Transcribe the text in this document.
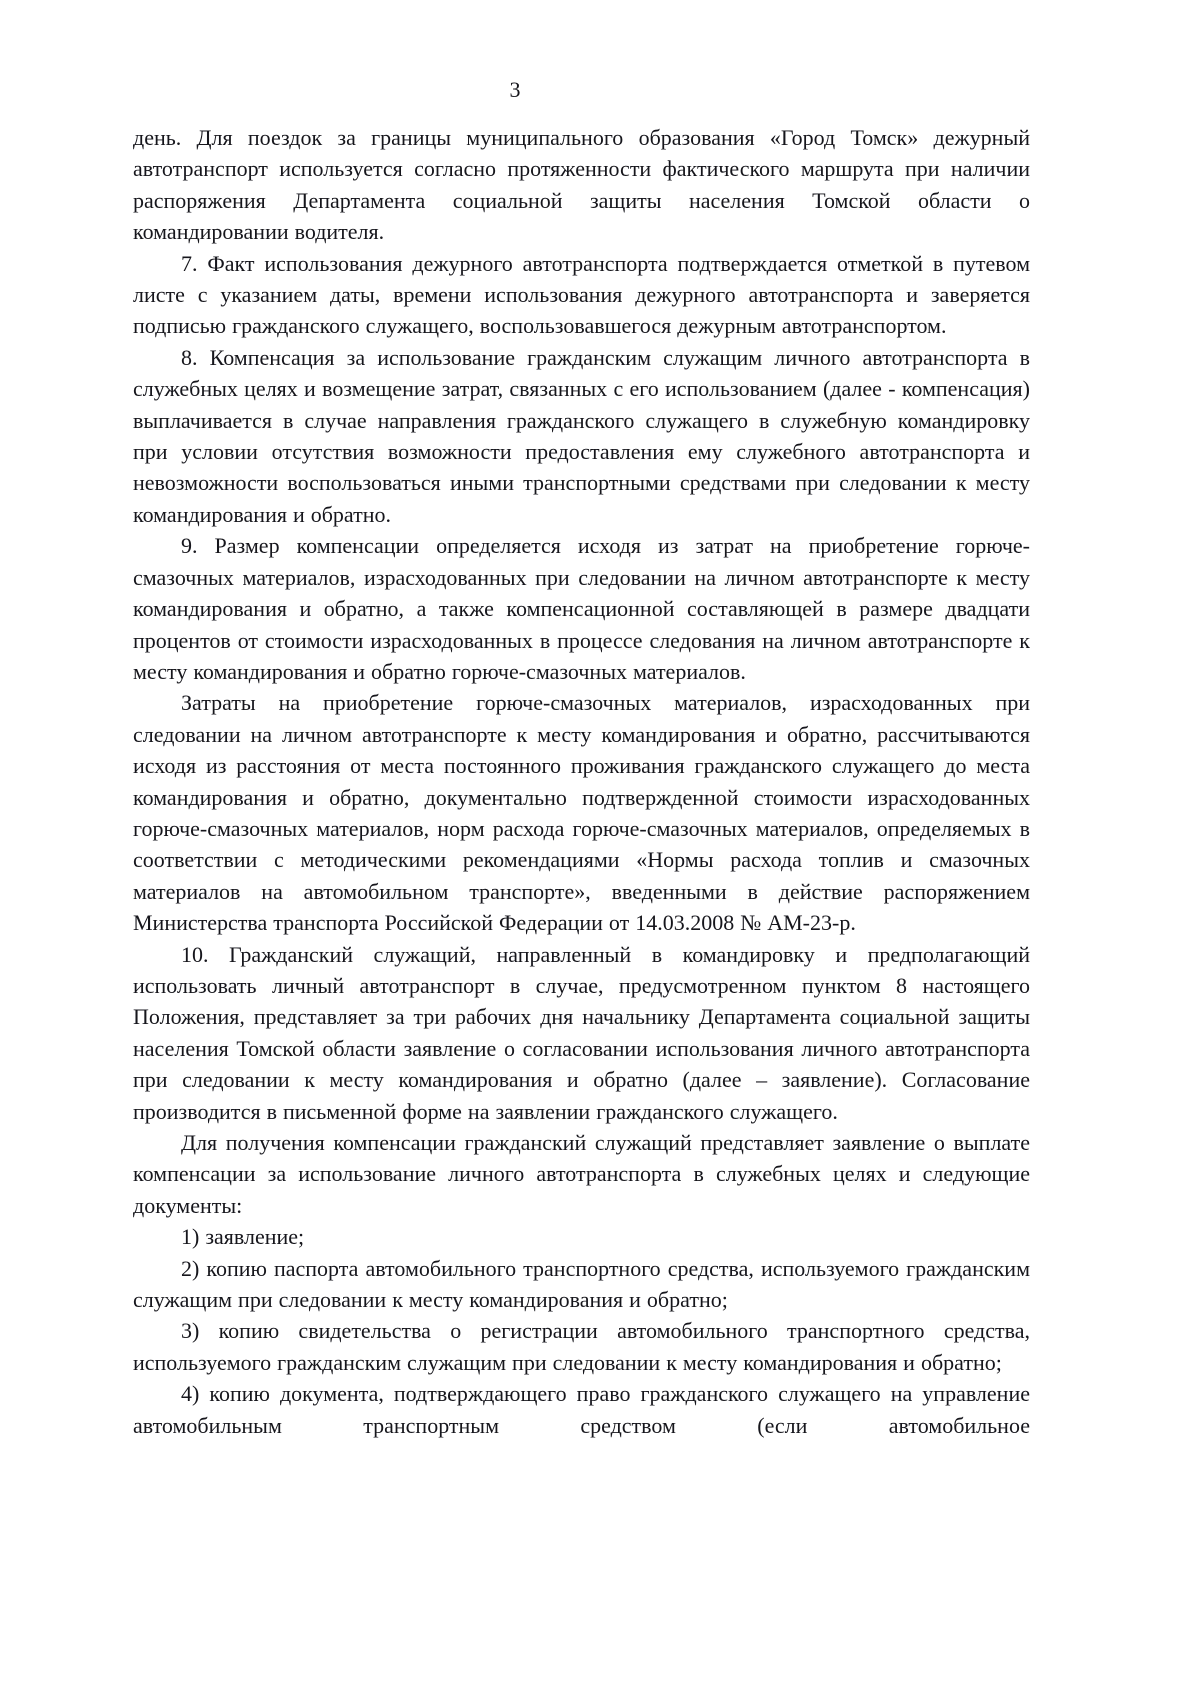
3

день. Для поездок за границы муниципального образования «Город Томск» дежурный автотранспорт используется согласно протяженности фактического маршрута при наличии распоряжения Департамента социальной защиты населения Томской области о командировании водителя.

7. Факт использования дежурного автотранспорта подтверждается отметкой в путевом листе с указанием даты, времени использования дежурного автотранспорта и заверяется подписью гражданского служащего, воспользовавшегося дежурным автотранспортом.

8. Компенсация за использование гражданским служащим личного автотранспорта в служебных целях и возмещение затрат, связанных с его использованием (далее - компенсация) выплачивается в случае направления гражданского служащего в служебную командировку при условии отсутствия возможности предоставления ему служебного автотранспорта и невозможности воспользоваться иными транспортными средствами при следовании к месту командирования и обратно.

9. Размер компенсации определяется исходя из затрат на приобретение горюче-смазочных материалов, израсходованных при следовании на личном автотранспорте к месту командирования и обратно, а также компенсационной составляющей в размере двадцати процентов от стоимости израсходованных в процессе следования на личном автотранспорте к месту командирования и обратно горюче-смазочных материалов.

Затраты на приобретение горюче-смазочных материалов, израсходованных при следовании на личном автотранспорте к месту командирования и обратно, рассчитываются исходя из расстояния от места постоянного проживания гражданского служащего до места командирования и обратно, документально подтвержденной стоимости израсходованных горюче-смазочных материалов, норм расхода горюче-смазочных материалов, определяемых в соответствии с методическими рекомендациями «Нормы расхода топлив и смазочных материалов на автомобильном транспорте», введенными в действие распоряжением Министерства транспорта Российской Федерации от 14.03.2008 № АМ-23-р.

10. Гражданский служащий, направленный в командировку и предполагающий использовать личный автотранспорт в случае, предусмотренном пунктом 8 настоящего Положения, представляет за три рабочих дня начальнику Департамента социальной защиты населения Томской области заявление о согласовании использования личного автотранспорта при следовании к месту командирования и обратно (далее – заявление). Согласование производится в письменной форме на заявлении гражданского служащего.

Для получения компенсации гражданский служащий представляет заявление о выплате компенсации за использование личного автотранспорта в служебных целях и следующие документы:

1) заявление;

2) копию паспорта автомобильного транспортного средства, используемого гражданским служащим при следовании к месту командирования и обратно;

3) копию свидетельства о регистрации автомобильного транспортного средства, используемого гражданским служащим при следовании к месту командирования и обратно;

4) копию документа, подтверждающего право гражданского служащего на управление автомобильным транспортным средством (если автомобильное
